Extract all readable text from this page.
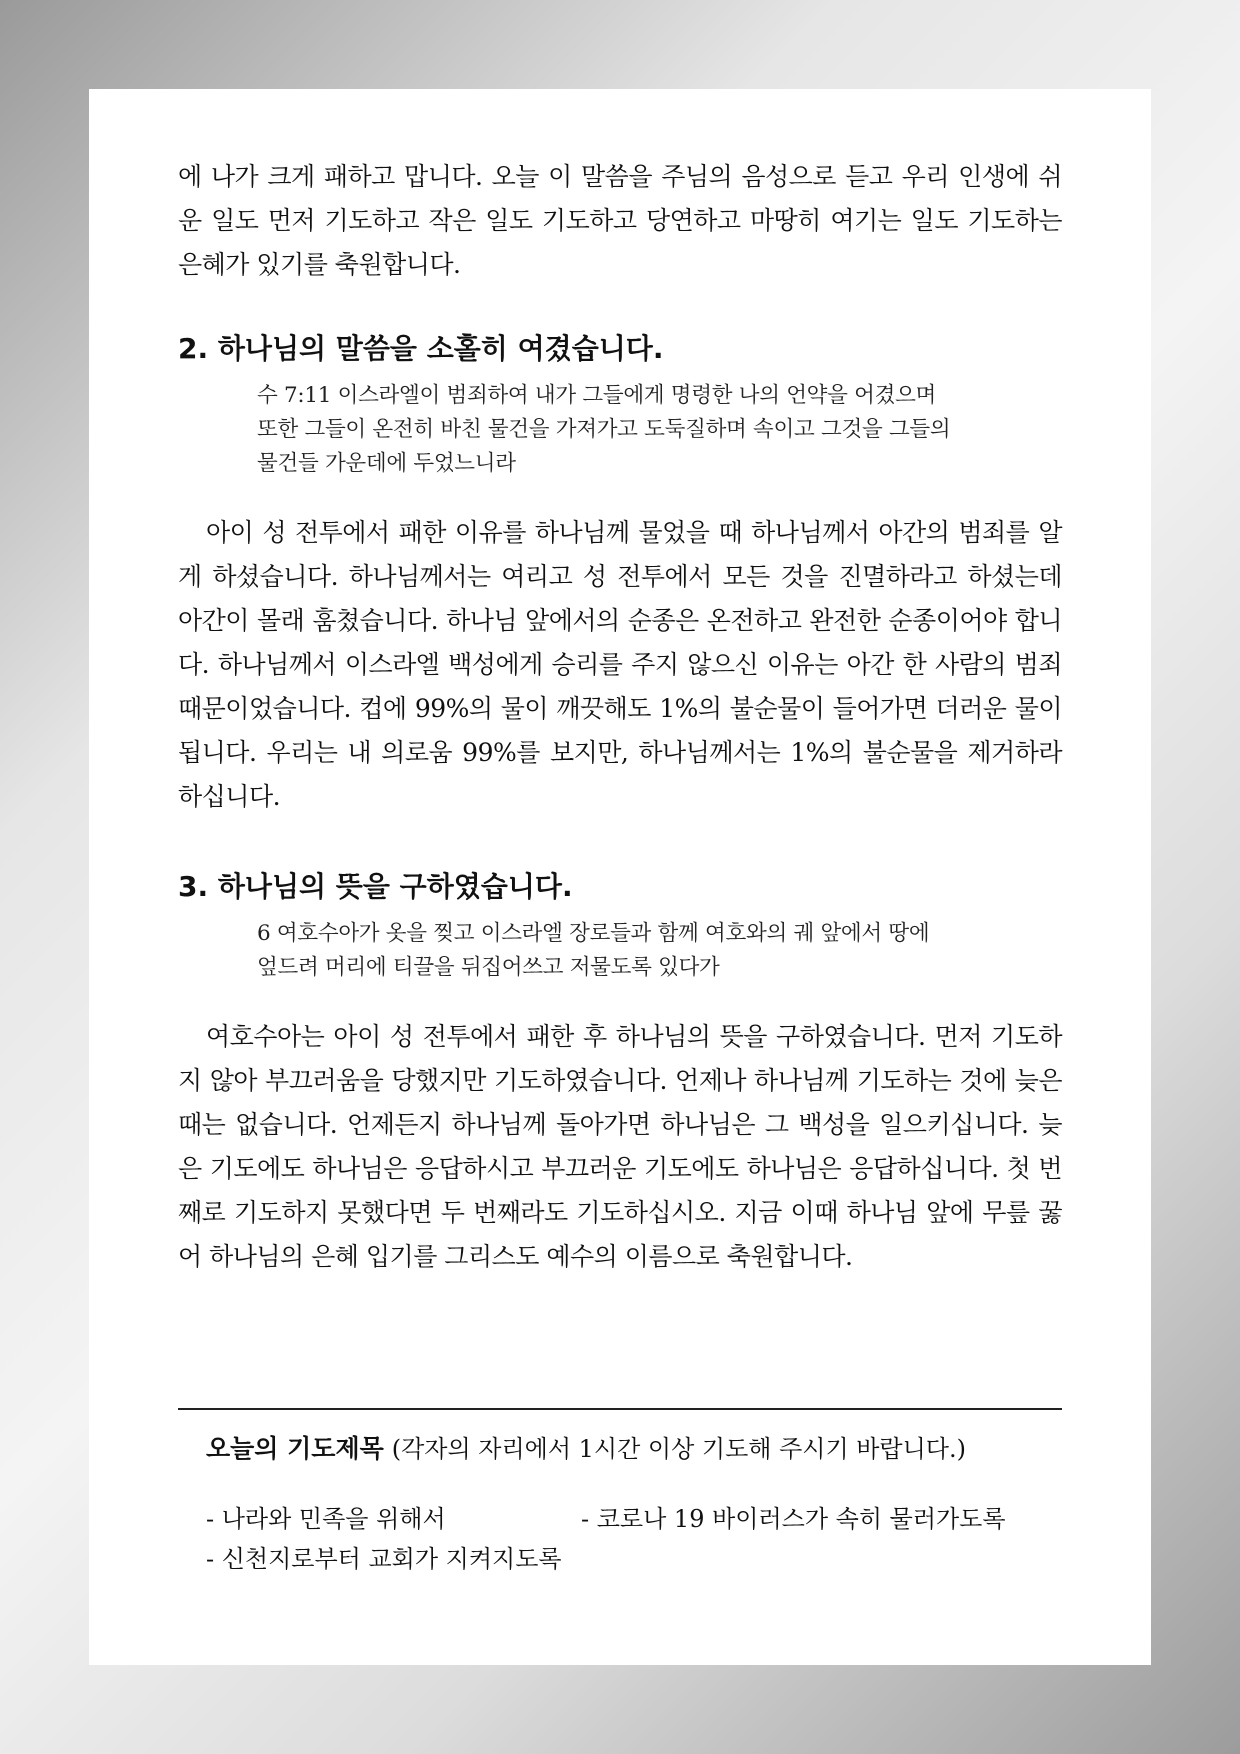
에 나가 크게 패하고 맙니다. 오늘 이 말씀을 주님의 음성으로 듣고 우리 인생에 쉬운 일도 먼저 기도하고 작은 일도 기도하고 당연하고 마땅히 여기는 일도 기도하는 은혜가 있기를 축원합니다.

2. 하나님의 말씀을 소홀히 여겼습니다.
수 7:11 이스라엘이 범죄하여 내가 그들에게 명령한 나의 언약을 어겼으며
또한 그들이 온전히 바친 물건을 가져가고 도둑질하며 속이고 그것을 그들의
물건들 가운데에 두었느니라

아이 성 전투에서 패한 이유를 하나님께 물었을 때 하나님께서 아간의 범죄를 알게 하셨습니다. 하나님께서는 여리고 성 전투에서 모든 것을 진멸하라고 하셨는데 아간이 몰래 훔쳤습니다. 하나님 앞에서의 순종은 온전하고 완전한 순종이어야 합니다. 하나님께서 이스라엘 백성에게 승리를 주지 않으신 이유는 아간 한 사람의 범죄 때문이었습니다. 컵에 99%의 물이 깨끗해도 1%의 불순물이 들어가면 더러운 물이 됩니다. 우리는 내 의로움 99%를 보지만, 하나님께서는 1%의 불순물을 제거하라 하십니다.

3. 하나님의 뜻을 구하였습니다.
6 여호수아가 옷을 찢고 이스라엘 장로들과 함께 여호와의 궤 앞에서 땅에
엎드려 머리에 티끌을 뒤집어쓰고 저물도록 있다가

여호수아는 아이 성 전투에서 패한 후 하나님의 뜻을 구하였습니다. 먼저 기도하지 않아 부끄러움을 당했지만 기도하였습니다. 언제나 하나님께 기도하는 것에 늦은 때는 없습니다. 언제든지 하나님께 돌아가면 하나님은 그 백성을 일으키십니다. 늦은 기도에도 하나님은 응답하시고 부끄러운 기도에도 하나님은 응답하십니다. 첫 번째로 기도하지 못했다면 두 번째라도 기도하십시오. 지금 이때 하나님 앞에 무릎 꿇어 하나님의 은혜 입기를 그리스도 예수의 이름으로 축원합니다.

오늘의 기도제목 (각자의 자리에서 1시간 이상 기도해 주시기 바랍니다.)
- 나라와 민족을 위해서	- 코로나 19 바이러스가 속히 물러가도록
- 신천지로부터 교회가 지켜지도록
